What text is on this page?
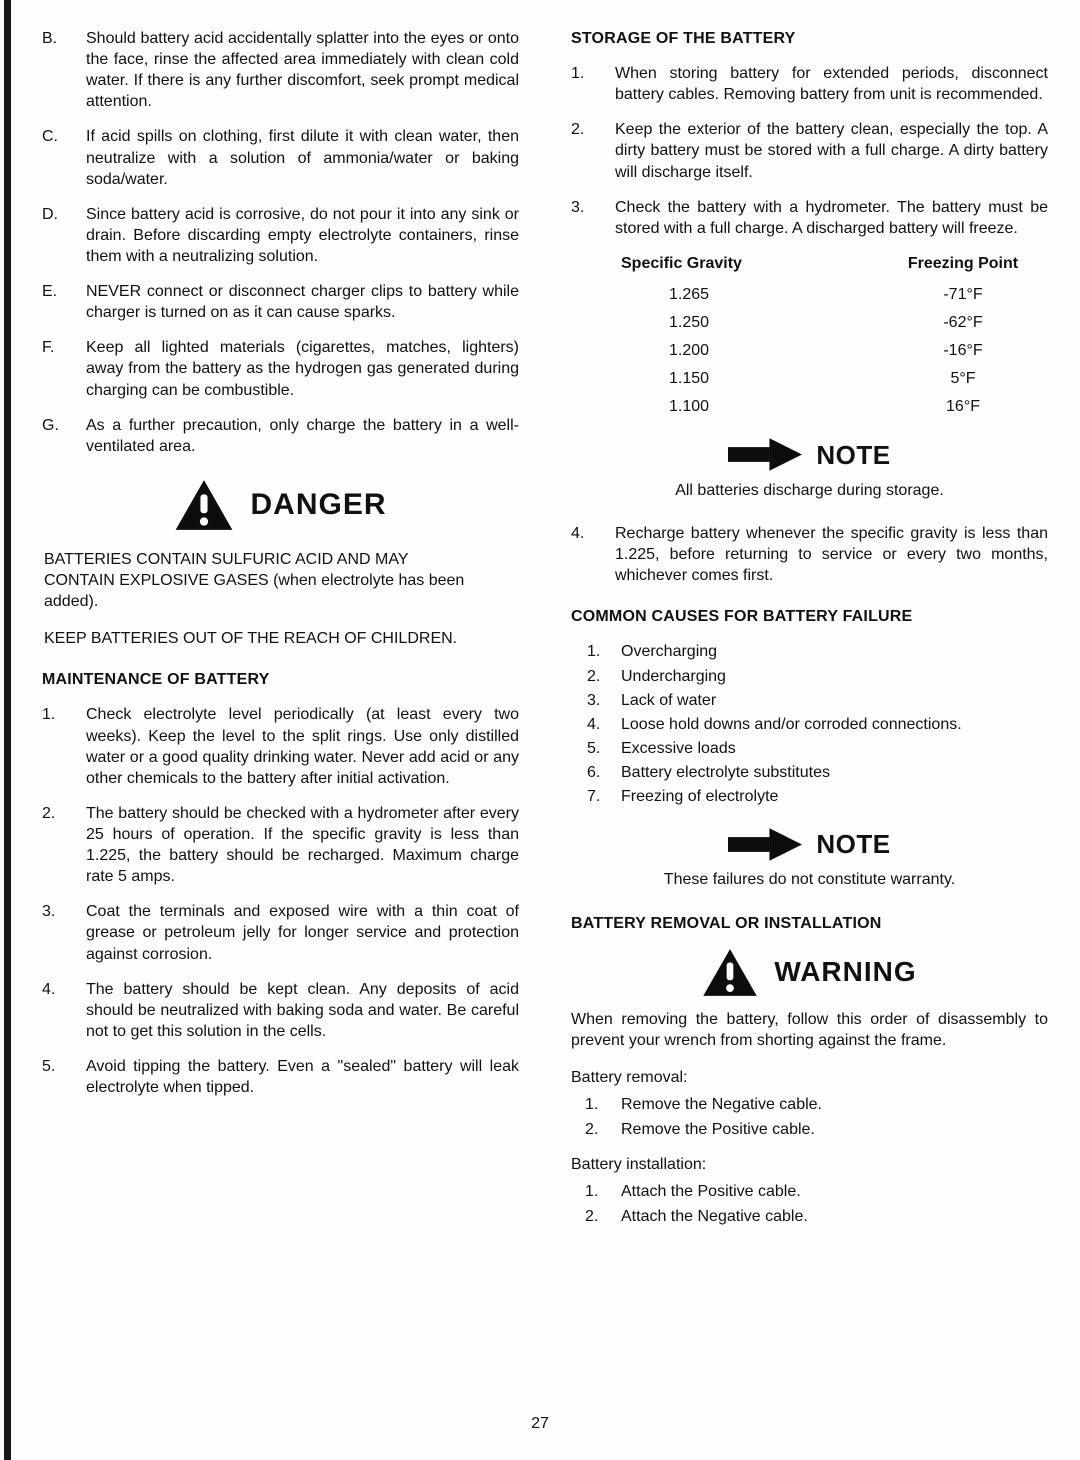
B.	Should battery acid accidentally splatter into the eyes or onto the face, rinse the affected area immediately with clean cold water. If there is any further discomfort, seek prompt medical attention.
C.	If acid spills on clothing, first dilute it with clean water, then neutralize with a solution of ammonia/water or baking soda/water.
D.	Since battery acid is corrosive, do not pour it into any sink or drain. Before discarding empty electrolyte containers, rinse them with a neutralizing solution.
E.	NEVER connect or disconnect charger clips to battery while charger is turned on as it can cause sparks.
F.	Keep all lighted materials (cigarettes, matches, lighters) away from the battery as the hydrogen gas generated during charging can be combustible.
G.	As a further precaution, only charge the battery in a well-ventilated area.
DANGER
BATTERIES CONTAIN SULFURIC ACID AND MAY CONTAIN EXPLOSIVE GASES (when electrolyte has been added).
KEEP BATTERIES OUT OF THE REACH OF CHILDREN.
MAINTENANCE OF BATTERY
1.	Check electrolyte level periodically (at least every two weeks). Keep the level to the split rings. Use only distilled water or a good quality drinking water. Never add acid or any other chemicals to the battery after initial activation.
2.	The battery should be checked with a hydrometer after every 25 hours of operation. If the specific gravity is less than 1.225, the battery should be recharged. Maximum charge rate 5 amps.
3.	Coat the terminals and exposed wire with a thin coat of grease or petroleum jelly for longer service and protection against corrosion.
4.	The battery should be kept clean. Any deposits of acid should be neutralized with baking soda and water. Be careful not to get this solution in the cells.
5.	Avoid tipping the battery. Even a "sealed" battery will leak electrolyte when tipped.
STORAGE OF THE BATTERY
1.	When storing battery for extended periods, disconnect battery cables. Removing battery from unit is recommended.
2.	Keep the exterior of the battery clean, especially the top. A dirty battery must be stored with a full charge. A dirty battery will discharge itself.
3.	Check the battery with a hydrometer. The battery must be stored with a full charge. A discharged battery will freeze.
Specific Gravity	Freezing Point
1.265	-71°F
1.250	-62°F
1.200	-16°F
1.150	5°F
1.100	16°F
NOTE
All batteries discharge during storage.
4.	Recharge battery whenever the specific gravity is less than 1.225, before returning to service or every two months, whichever comes first.
COMMON CAUSES FOR BATTERY FAILURE
1.	Overcharging
2.	Undercharging
3.	Lack of water
4.	Loose hold downs and/or corroded connections.
5.	Excessive loads
6.	Battery electrolyte substitutes
7.	Freezing of electrolyte
NOTE
These failures do not constitute warranty.
BATTERY REMOVAL OR INSTALLATION
WARNING
When removing the battery, follow this order of disassembly to prevent your wrench from shorting against the frame.
Battery removal:
1.	Remove the Negative cable.
2.	Remove the Positive cable.
Battery installation:
1.	Attach the Positive cable.
2.	Attach the Negative cable.
27
